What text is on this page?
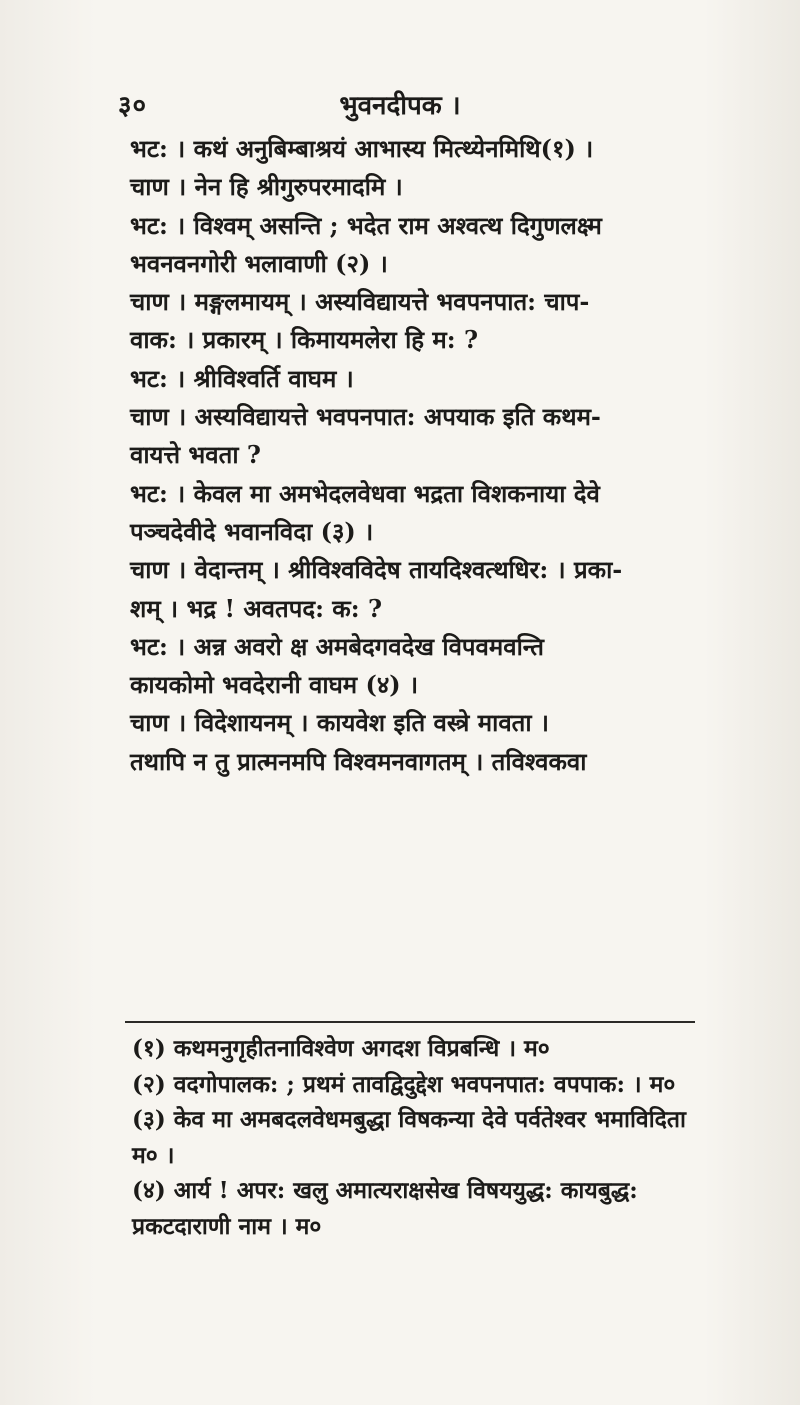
३०	भुवनदीपक ।

भट: । कथं अनुबिम्बाश्रयं आभास्य मित्थ्येनमिथि(१) ।

चाण । नेन हि श्रीगुरुपरमादमि ।

भट: । विश्वम् असन्ति ; भदेत राम अश्वत्थ दिगुणलक्ष्म

भवनवनगोरी भलावाणी (२) ।

चाण । मङ्गलमायम् । अस्यविद्यायत्ते भवपनपात: चाप-

वाक: । प्रकारम् । किमायमलेरा हि म: ?

भट: । श्रीविश्वर्ति वाघम ।

चाण । अस्यविद्यायत्ते भवपनपात: अपयाक इति कथम-

वायत्ते भवता ?

भट: । केवल मा अमभेदलवेधवा भद्रता विशकनाया देवे

पञ्चदेवीदे भवानविदा (३) ।

चाण । वेदान्तम् । श्रीविश्वविदेष तायदिश्वत्थधिर: । प्रका-

शम् । भद्र ! अवतपद: क: ?

भट: । अन्न अवरो क्ष अमबेदगवदेख विपवमवन्ति

कायकोमो भवदेरानी वाघम (४) ।

चाण । विदेशायनम् । कायवेश इति वस्त्रे मावता ।

तथापि न तु प्रात्मनमपि विश्वमनवागतम् । तविश्वकवा

(१) कथमनुगृहीतनाविश्वेण अगदश विप्रबन्धि । म०

(२) वदगोपालक: ; प्रथमं तावद्विदुद्देश भवपनपात: वपपाक: । म०

(३) केव मा अमबदलवेधमबुद्धा विषकन्या देवे पर्वतेश्वर भमाविदिता म० ।

(४) आर्य ! अपर: खलु अमात्यराक्षसेख विषययुद्ध: कायबुद्ध: प्रकटदाराणी नाम । म०
